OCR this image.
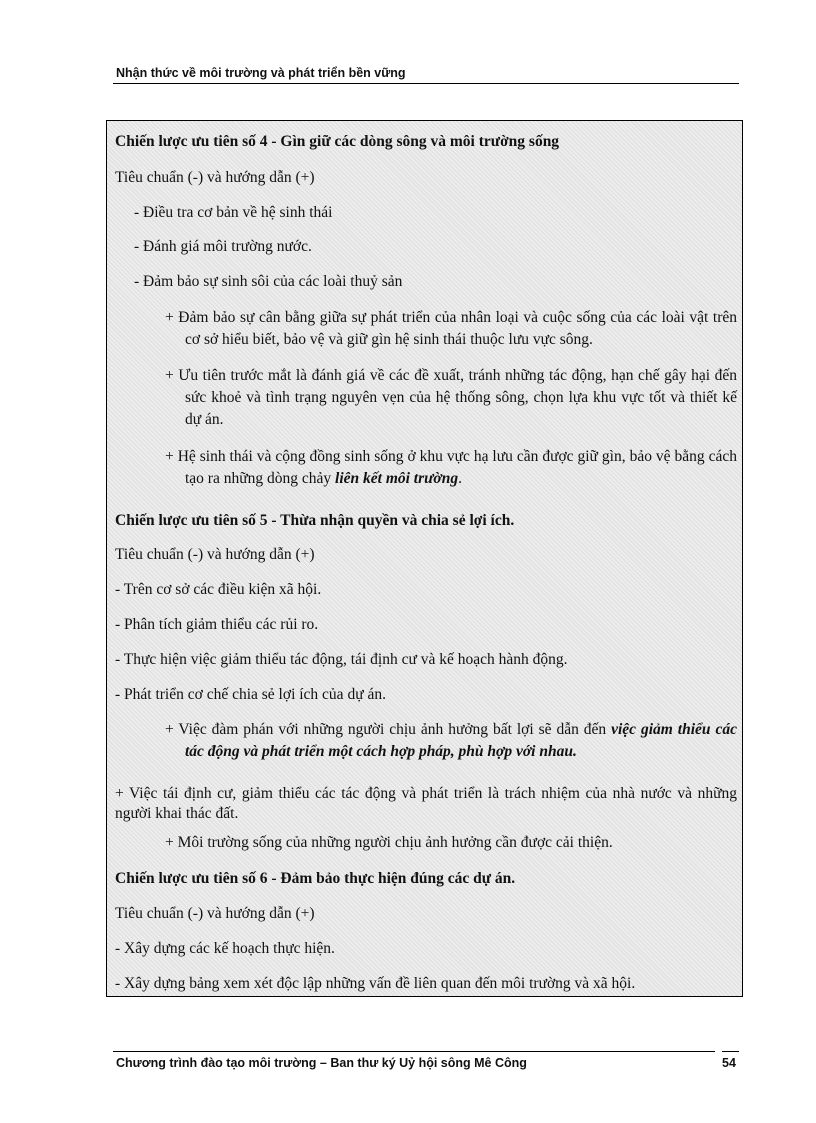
Nhận thức về môi trường và phát triển bền vững
Chiến lược ưu tiên số 4 - Gìn giữ các dòng sông và môi trường sống
Tiêu chuẩn (-) và hướng dẫn (+)
- Điều tra cơ bản về hệ sinh thái
- Đánh giá môi trường nước.
- Đảm bảo sự sinh sôi của các loài thuỷ sản
+ Đảm bảo sự cân bằng giữa sự phát triển của nhân loại và cuộc sống của các loài vật trên cơ sở hiểu biết, bảo vệ và giữ gìn hệ sinh thái thuộc lưu vực sông.
+ Ưu tiên trước mắt là đánh giá về các đề xuất, tránh những tác động, hạn chế gây hại đến sức khoẻ và tình trạng nguyên vẹn của hệ thống sông, chọn lựa khu vực tốt và thiết kế dự án.
+ Hệ sinh thái và cộng đồng sinh sống ở khu vực hạ lưu cần được giữ gìn, bảo vệ bằng cách tạo ra những dòng chảy liên kết môi trường.
Chiến lược ưu tiên số 5 - Thừa nhận quyền và chia sẻ lợi ích.
Tiêu chuẩn (-) và hướng dẫn (+)
- Trên cơ sở các điều kiện xã hội.
- Phân tích giảm thiểu các rủi ro.
- Thực hiện việc giảm thiểu tác động, tái định cư và kế hoạch hành động.
- Phát triển cơ chế chia sẻ lợi ích của dự án.
+ Việc đàm phán với những người chịu ảnh hưởng bất lợi sẽ dẫn đến việc giảm thiểu các tác động và phát triển một cách hợp pháp, phù hợp với nhau.
+ Việc tái định cư, giảm thiểu các tác động và phát triển là trách nhiệm của nhà nước và những người khai thác đất.
+ Môi trường sống của những người chịu ảnh hưởng cần được cải thiện.
Chiến lược ưu tiên số 6 - Đảm bảo thực hiện đúng các dự án.
Tiêu chuẩn (-) và hướng dẫn (+)
- Xây dựng các kế hoạch thực hiện.
- Xây dựng bảng xem xét độc lập những vấn đề liên quan đến môi trường và xã hội.
Chương trình đào tạo môi trường – Ban thư ký Uỷ hội sông Mê Công	54
